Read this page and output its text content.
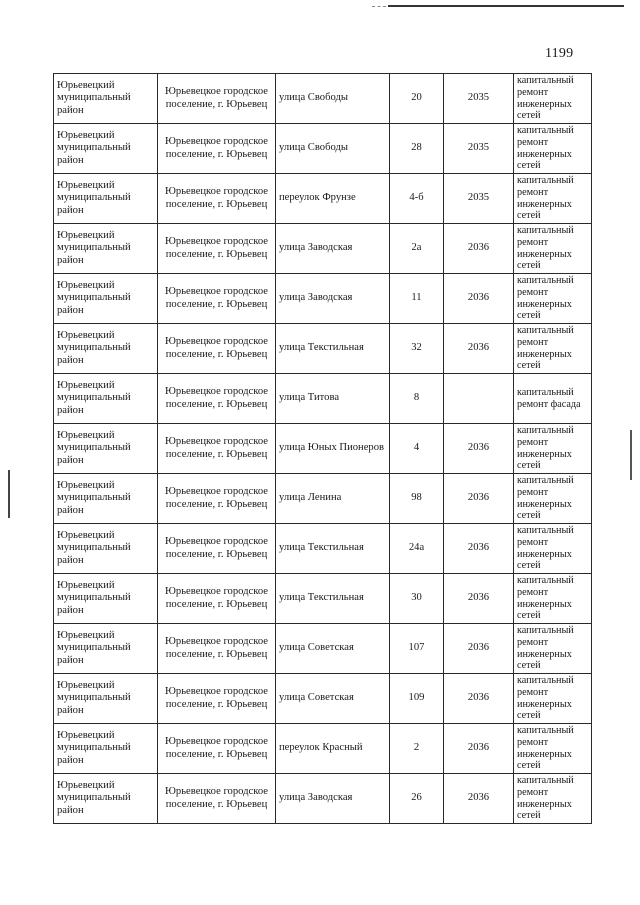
1199
Юрьевецкий муниципальный район	Юрьевецкое городское поселение, г. Юрьевец	улица Свободы	20	2035	капитальный ремонт инженерных сетей
Юрьевецкий муниципальный район	Юрьевецкое городское поселение, г. Юрьевец	улица Свободы	28	2035	капитальный ремонт инженерных сетей
Юрьевецкий муниципальный район	Юрьевецкое городское поселение, г. Юрьевец	переулок Фрунзе	4-б	2035	капитальный ремонт инженерных сетей
Юрьевецкий муниципальный район	Юрьевецкое городское поселение, г. Юрьевец	улица Заводская	2а	2036	капитальный ремонт инженерных сетей
Юрьевецкий муниципальный район	Юрьевецкое городское поселение, г. Юрьевец	улица Заводская	11	2036	капитальный ремонт инженерных сетей
Юрьевецкий муниципальный район	Юрьевецкое городское поселение, г. Юрьевец	улица Текстильная	32	2036	капитальный ремонт инженерных сетей
Юрьевецкий муниципальный район	Юрьевецкое городское поселение, г. Юрьевец	улица Титова	8		капитальный ремонт фасада
Юрьевецкий муниципальный район	Юрьевецкое городское поселение, г. Юрьевец	улица Юных Пионеров	4	2036	капитальный ремонт инженерных сетей
Юрьевецкий муниципальный район	Юрьевецкое городское поселение, г. Юрьевец	улица Ленина	98	2036	капитальный ремонт инженерных сетей
Юрьевецкий муниципальный район	Юрьевецкое городское поселение, г. Юрьевец	улица Текстильная	24а	2036	капитальный ремонт инженерных сетей
Юрьевецкий муниципальный район	Юрьевецкое городское поселение, г. Юрьевец	улица Текстильная	30	2036	капитальный ремонт инженерных сетей
Юрьевецкий муниципальный район	Юрьевецкое городское поселение, г. Юрьевец	улица Советская	107	2036	капитальный ремонт инженерных сетей
Юрьевецкий муниципальный район	Юрьевецкое городское поселение, г. Юрьевец	улица Советская	109	2036	капитальный ремонт инженерных сетей
Юрьевецкий муниципальный район	Юрьевецкое городское поселение, г. Юрьевец	переулок Красный	2	2036	капитальный ремонт инженерных сетей
Юрьевецкий муниципальный район	Юрьевецкое городское поселение, г. Юрьевец	улица Заводская	26	2036	капитальный ремонт инженерных сетей
